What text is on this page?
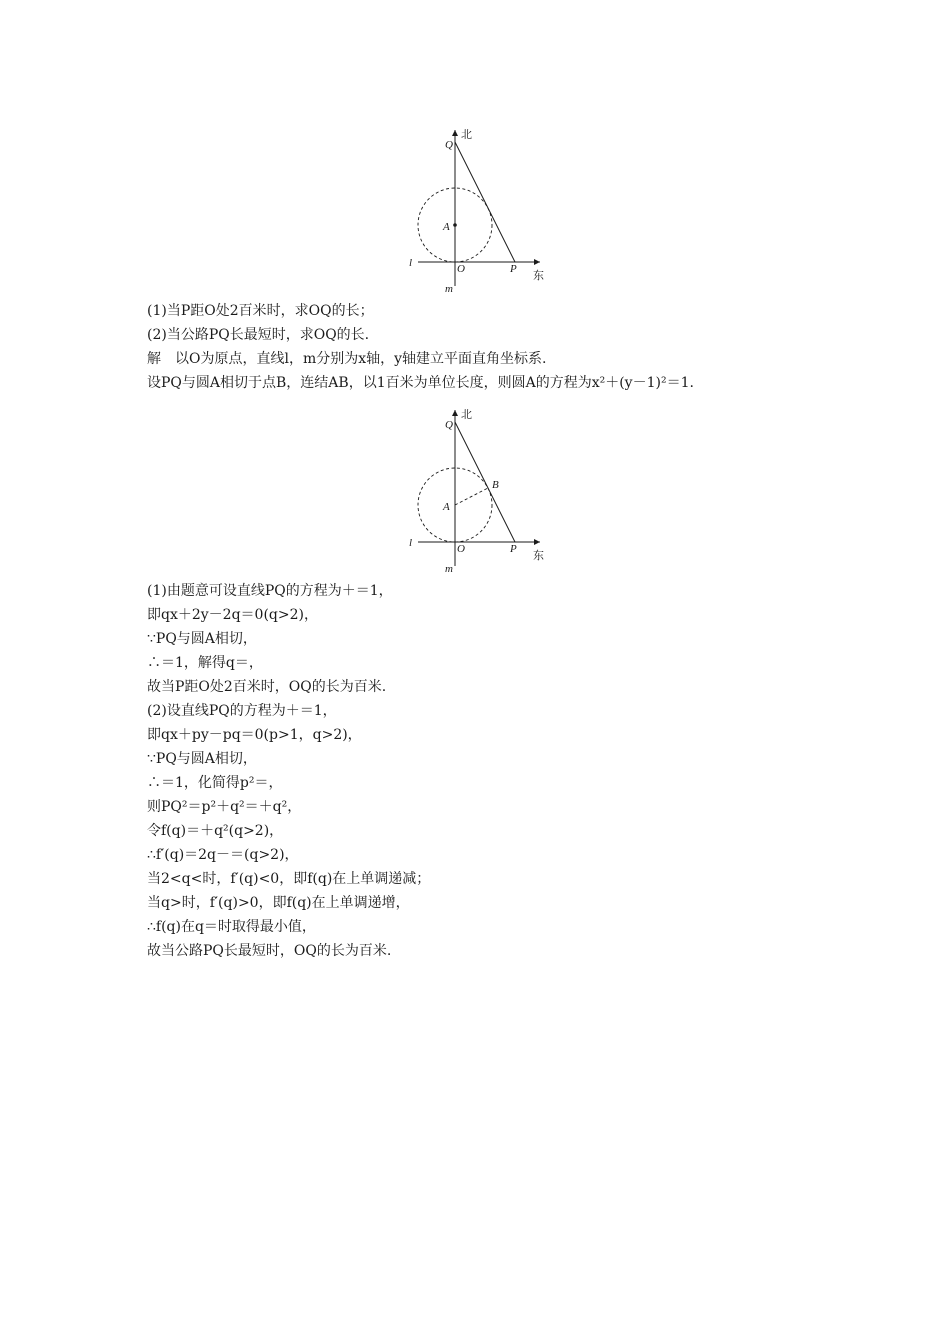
北
东
Q
A
O	P
l
m
(1)当P距O处2百米时，求OQ的长；
(2)当公路PQ长最短时，求OQ的长.
解　以O为原点，直线l，m分别为x轴，y轴建立平面直角坐标系.
设PQ与圆A相切于点B，连结AB，以1百米为单位长度，则圆A的方程为x²＋(y－1)²＝1.
北
东
Q
A
B
O	P
l
m
(1)由题意可设直线PQ的方程为＋＝1，
即qx＋2y－2q＝0(q>2)，
∵PQ与圆A相切，
∴＝1，解得q＝，
故当P距O处2百米时，OQ的长为百米.
(2)设直线PQ的方程为＋＝1，
即qx＋py－pq＝0(p>1，q>2)，
∵PQ与圆A相切，
∴＝1，化简得p²＝，
则PQ²＝p²＋q²＝＋q²，
令f(q)＝＋q²(q>2)，
∴f′(q)＝2q－＝(q>2)，
当2<q<时，f′(q)<0，即f(q)在上单调递减；
当q>时，f′(q)>0，即f(q)在上单调递增，
∴f(q)在q＝时取得最小值，
故当公路PQ长最短时，OQ的长为百米.
